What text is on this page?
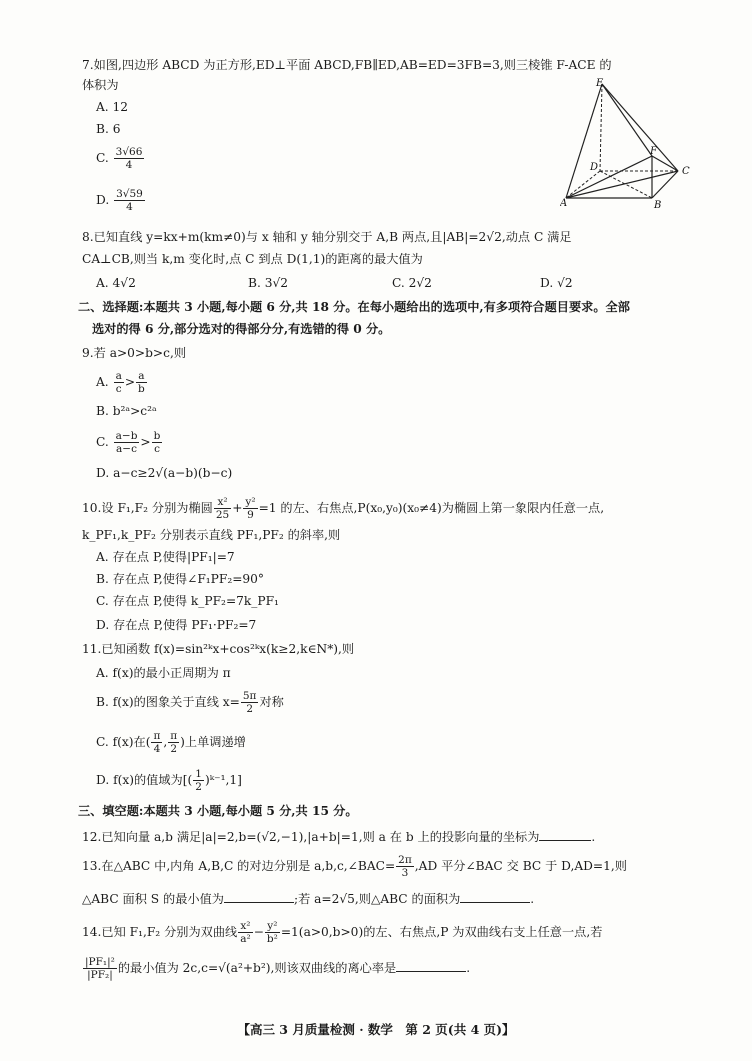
7.如图,四边形 ABCD 为正方形,ED⊥平面 ABCD,FB∥ED,AB=ED=3FB=3,则三棱锥 F-ACE 的
体积为
A. 12
B. 6
C. $\frac{3√66}{4}$
D. $\frac{3√59}{4}$
8.已知直线 y=kx+m(km≠0)与 x 轴和 y 轴分别交于 A,B 两点,且|AB|=2√2,动点 C 满足
CA⊥CB,则当 k,m 变化时,点 C 到点 D(1,1)的距离的最大值为
A. 4√2	B. 3√2	C. 2√2	D. √2
二、选择题:本题共 3 小题,每小题 6 分,共 18 分。在每小题给出的选项中,有多项符合题目要求。全部
选对的得 6 分,部分选对的得部分分,有选错的得 0 分。
9.若 a>0>b>c,则
A. $\frac{a}{c} > \frac{a}{b}$
B. b²ᵃ>c²ᵃ
C. $\frac{a-b}{a-c} > \frac{b}{c}$
D. a−c≥2√(a−b)(b−c)
10.设 F₁,F₂ 分别为椭圆 $\frac{\text{x²}}{25} + \frac{\text{y²}}{9} =1$ 的左、右焦点,P(x₀,y₀)(x₀≠4)为椭圆上第一象限内任意一点,
k_PF₁,k_PF₂ 分别表示直线 PF₁,PF₂ 的斜率,则
A. 存在点 P,使得|PF₁|=7
B. 存在点 P,使得∠F₁PF₂=90°
C. 存在点 P,使得 k_PF₂=7k_PF₁
D. 存在点 P,使得 PF₁·PF₂=7
11.已知函数 f(x)=sin²ᵏx+cos²ᵏx(k≥2,k∈N*),则
A. f(x)的最小正周期为 π
B. f(x)的图象关于直线 $x= \frac{5\pi}{2}$ 对称
C. f(x)在( $\frac{\pi}{4}$ , $\frac{\pi}{2}$ )上单调递增
D. f(x)的值域为[( $\frac{1}{2}$ )ᵏ⁻¹,1]
三、填空题:本题共 3 小题,每小题 5 分,共 15 分。
12.已知向量 a,b 满足|a|=2,b=(√2,−1),|a+b|=1,则 a 在 b 上的投影向量的坐标为	.
13.在△ABC 中,内角 A,B,C 的对边分别是 a,b,c,∠BAC= $\frac{2\pi}{3} ,AD$ 平分∠BAC 交 BC 于 D,AD=1,则
△ABC 面积 S 的最小值为	;若 a=2√5,则△ABC 的面积为	.
14.已知 F₁,F₂ 分别为双曲线 $\frac{\text{x²}}{\text{a²}} - \frac{\text{y²}}{\text{b²}} =1(a>0,b>0)$的左、右焦点,P 为双曲线右支上任意一点,若
$\frac{\text{|PF₁|²}}{\text{|PF₂|}}$ 的最小值为 2c,c=√(a²+b²),则该双曲线的离心率是	.
E
D
F
C
A	B
【高三 3 月质量检测 · 数学　第 2 页(共 4 页)】
